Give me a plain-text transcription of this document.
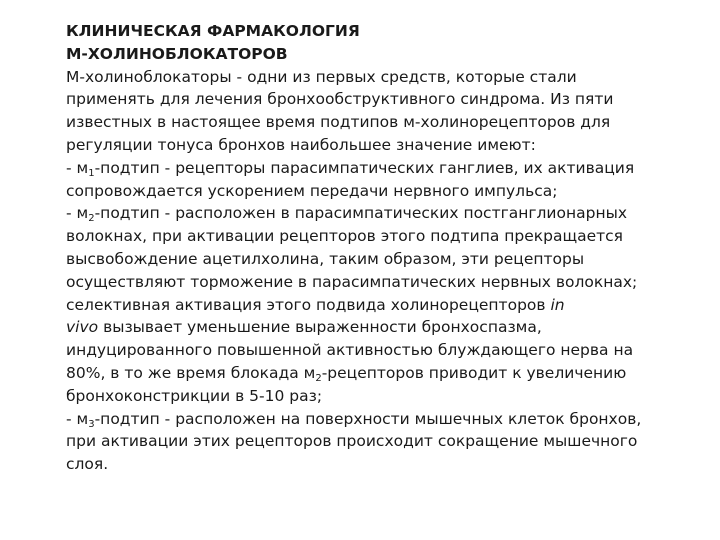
КЛИНИЧЕСКАЯ ФАРМАКОЛОГИЯ
М-ХОЛИНОБЛОКАТОРОВ
М-холиноблокаторы - одни из первых средств, которые стали
применять для лечения бронхообструктивного синдрома. Из пяти
известных в настоящее время подтипов м-холинорецепторов для
регуляции тонуса бронхов наибольшее значение имеют:
- $м_1$-подтип - рецепторы парасимпатических ганглиев, их активация
сопровождается ускорением передачи нервного импульса;
- $м_2$-подтип - расположен в парасимпатических постганглионарных
волокнах, при активации рецепторов этого подтипа прекращается
высвобождение ацетилхолина, таким образом, эти рецепторы
осуществляют торможение в парасимпатических нервных волокнах;
селективная активация этого подвида холинорецепторов in
vivo вызывает уменьшение выраженности бронхоспазма,
индуцированного повышенной активностью блуждающего нерва на
80%, в то же время блокада $м_2$-рецепторов приводит к увеличению
бронхоконстрикции в 5-10 раз;
- $м_3$-подтип - расположен на поверхности мышечных клеток бронхов,
при активации этих рецепторов происходит сокращение мышечного
слоя.
